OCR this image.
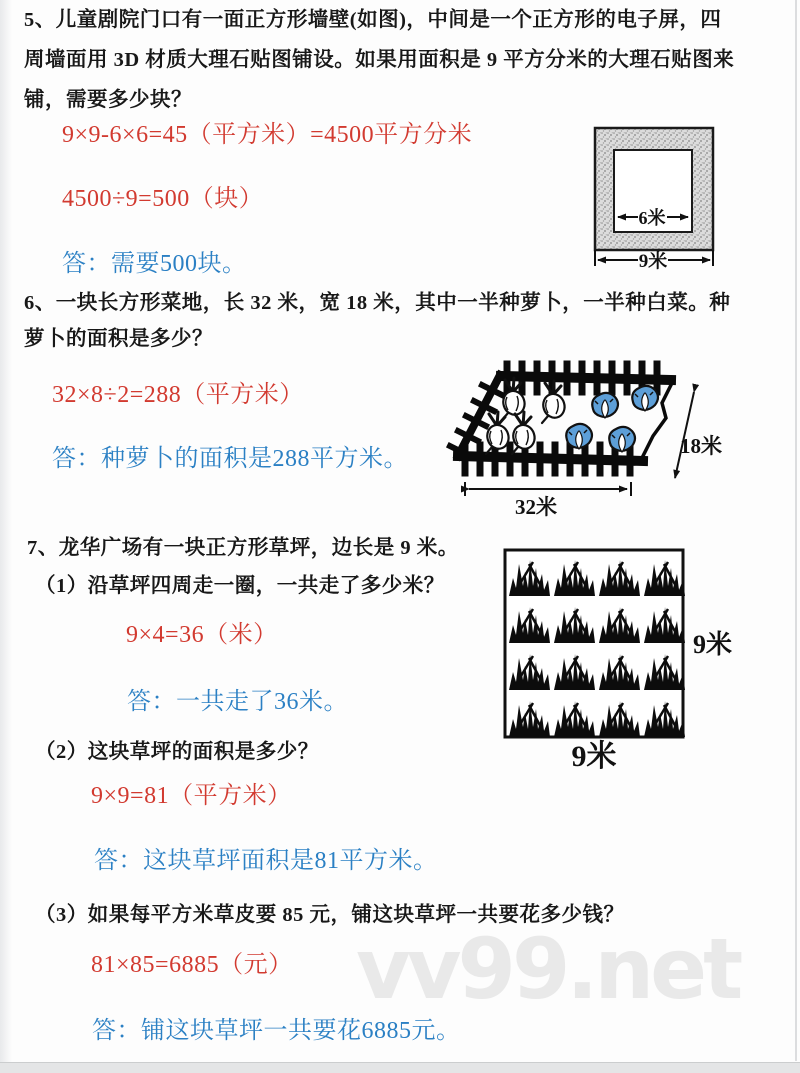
vv99.net
5、儿童剧院门口有一面正方形墙壁(如图)，中间是一个正方形的电子屏，四
周墙面用 3D 材质大理石贴图铺设。如果用面积是 9 平方分米的大理石贴图来
铺，需要多少块？
9×9-6×6=45（平方米）=4500平方分米
4500÷9=500（块）
答：需要500块。
6米
9米
6、一块长方形菜地，长 32 米，宽 18 米，其中一半种萝卜，一半种白菜。种
萝卜的面积是多少？
32×8÷2=288（平方米）
答：种萝卜的面积是288平方米。	18米
32米
7、龙华广场有一块正方形草坪，边长是 9 米。
（1）沿草坪四周走一圈，一共走了多少米？
9×4=36（米）
答：一共走了36米。
（2）这块草坪的面积是多少？
9×9=81（平方米）
答：这块草坪面积是81平方米。
（3）如果每平方米草皮要 85 元，铺这块草坪一共要花多少钱？
81×85=6885（元）
答：铺这块草坪一共要花6885元。
9米
9米
